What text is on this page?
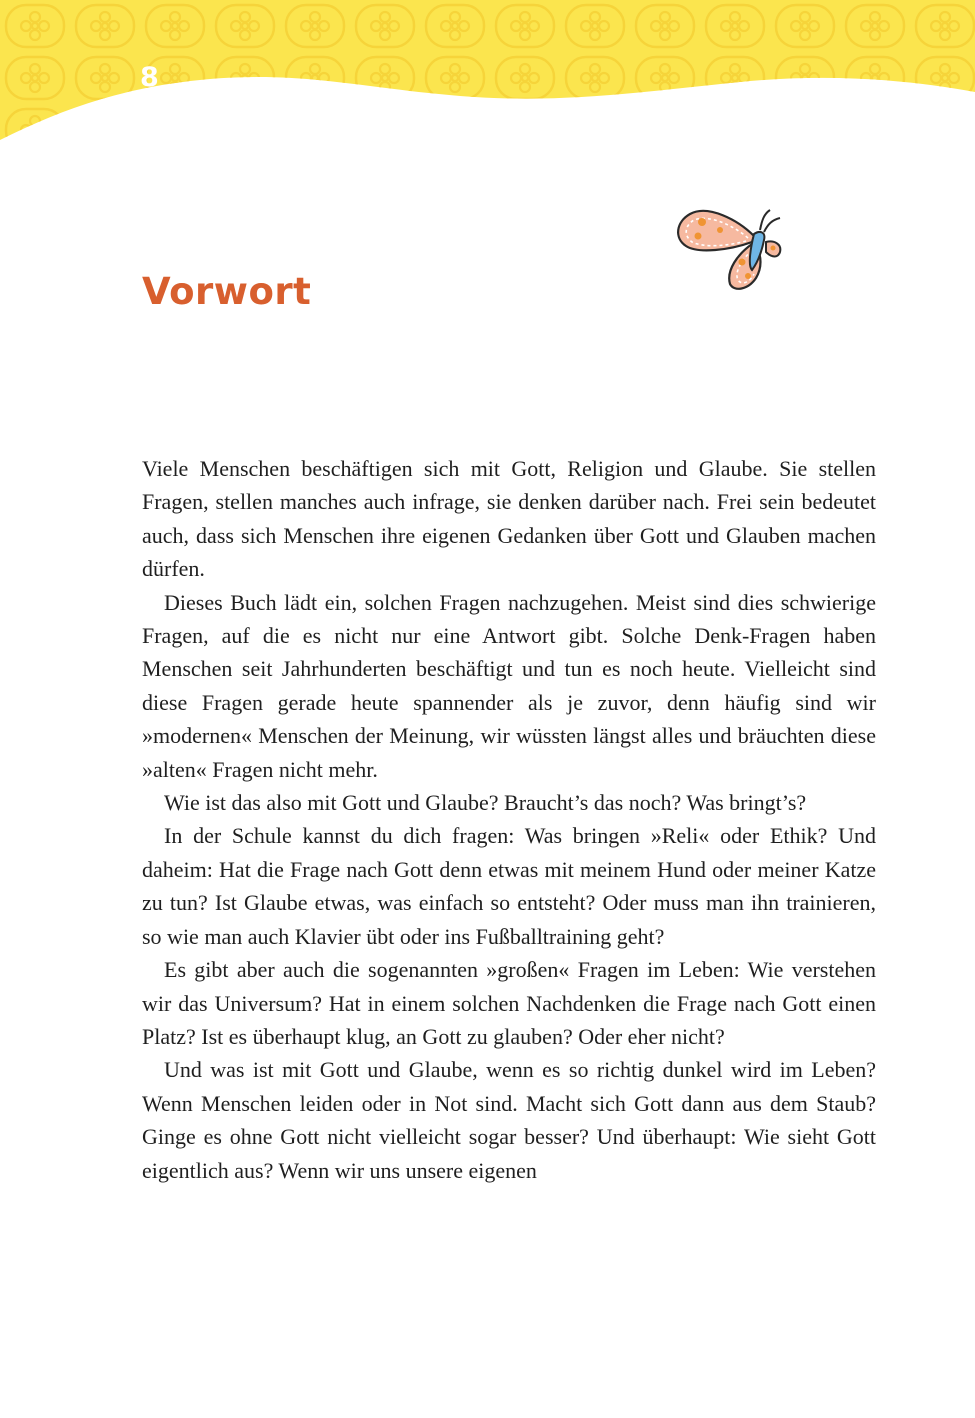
8
Vorwort

Viele Menschen beschäftigen sich mit Gott, Religion und Glaube. Sie stellen Fragen, stellen manches auch infrage, sie denken darüber nach. Frei sein bedeutet auch, dass sich Menschen ihre eigenen Gedanken über Gott und Glauben machen dürfen.

Dieses Buch lädt ein, solchen Fragen nachzugehen. Meist sind dies schwierige Fragen, auf die es nicht nur eine Antwort gibt. Solche Denk-Fragen haben Menschen seit Jahrhunderten beschäftigt und tun es noch heute. Vielleicht sind diese Fragen gerade heute spannender als je zuvor, denn häufig sind wir »modernen« Menschen der Meinung, wir wüssten längst alles und bräuchten diese »alten« Fragen nicht mehr.

Wie ist das also mit Gott und Glaube? Braucht’s das noch? Was bringt’s?

In der Schule kannst du dich fragen: Was bringen »Reli« oder Ethik? Und daheim: Hat die Frage nach Gott denn etwas mit meinem Hund oder meiner Katze zu tun? Ist Glaube etwas, was einfach so entsteht? Oder muss man ihn trainieren, so wie man auch Klavier übt oder ins Fußballtraining geht?

Es gibt aber auch die sogenannten »großen« Fragen im Leben: Wie verstehen wir das Universum? Hat in einem solchen Nachdenken die Frage nach Gott einen Platz? Ist es überhaupt klug, an Gott zu glauben? Oder eher nicht?

Und was ist mit Gott und Glaube, wenn es so richtig dunkel wird im Leben? Wenn Menschen leiden oder in Not sind. Macht sich Gott dann aus dem Staub? Ginge es ohne Gott nicht vielleicht sogar besser? Und überhaupt: Wie sieht Gott eigentlich aus? Wenn wir uns unsere eigenen
